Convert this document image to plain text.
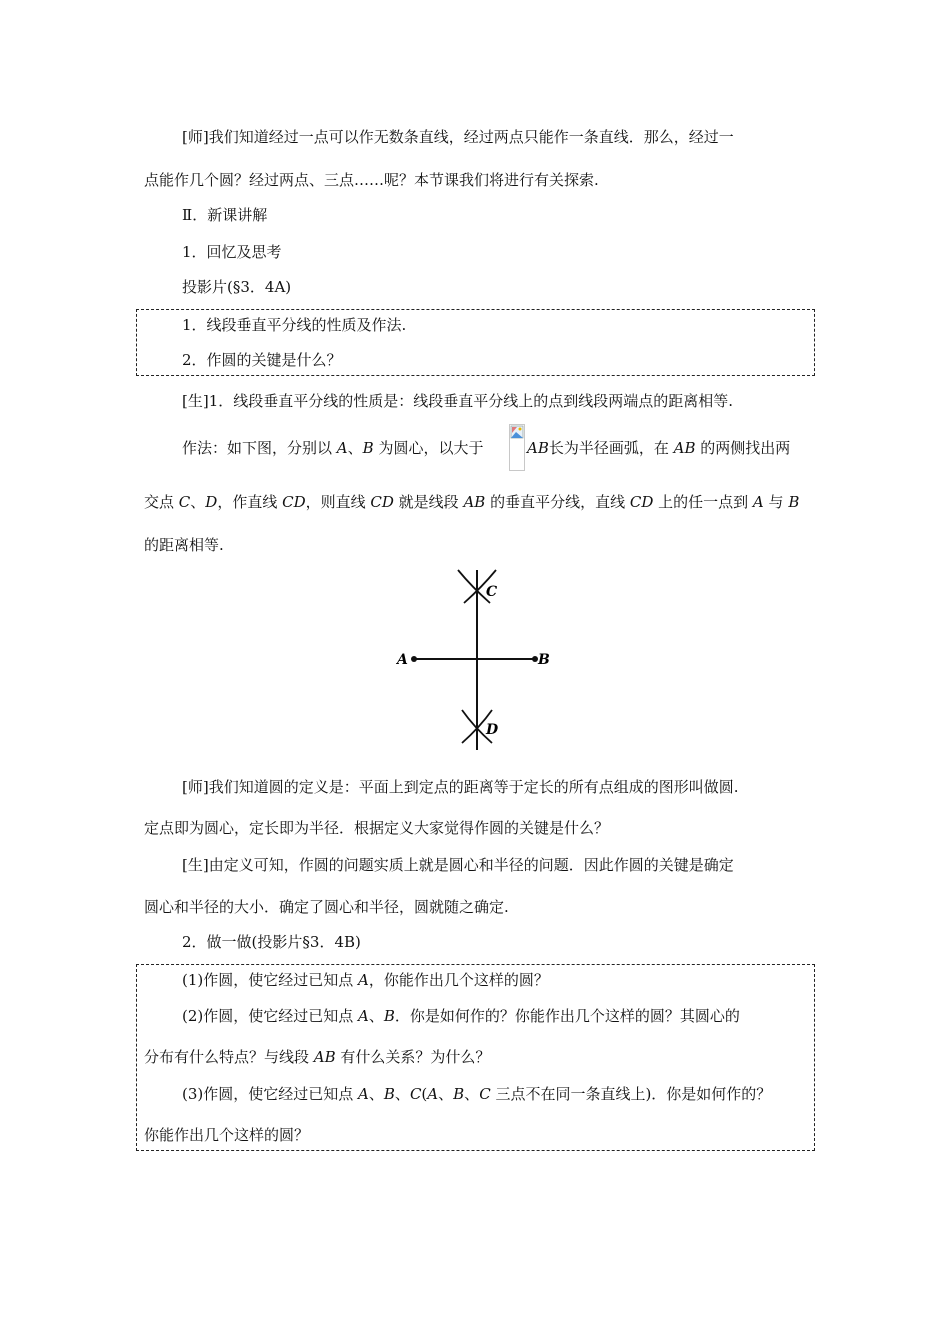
[师]我们知道经过一点可以作无数条直线，经过两点只能作一条直线．那么，经过一
点能作几个圆？经过两点、三点……呢？本节课我们将进行有关探索.
Ⅱ．新课讲解
1．回忆及思考
投影片(§3．4A)
1．线段垂直平分线的性质及作法.
2．作圆的关键是什么？
[生]1．线段垂直平分线的性质是：线段垂直平分线上的点到线段两端点的距离相等.
作法：如下图，分别以 A、B 为圆心，以大于	AB长为半径画弧，在 AB 的两侧找出两
交点 C、D，作直线 CD，则直线 CD 就是线段 AB 的垂直平分线，直线 CD 上的任一点到 A 与 B
的距离相等.
A	B
C
D
[师]我们知道圆的定义是：平面上到定点的距离等于定长的所有点组成的图形叫做圆.
定点即为圆心，定长即为半径．根据定义大家觉得作圆的关键是什么？
[生]由定义可知，作圆的问题实质上就是圆心和半径的问题．因此作圆的关键是确定
圆心和半径的大小．确定了圆心和半径，圆就随之确定.
2．做一做(投影片§3．4B)
(1)作圆，使它经过已知点 A，你能作出几个这样的圆？
(2)作圆，使它经过已知点 A、B．你是如何作的？你能作出几个这样的圆？其圆心的
分布有什么特点？与线段 AB 有什么关系？为什么？
(3)作圆，使它经过已知点 A、B、C(A、B、C 三点不在同一条直线上)．你是如何作的？
你能作出几个这样的圆？
